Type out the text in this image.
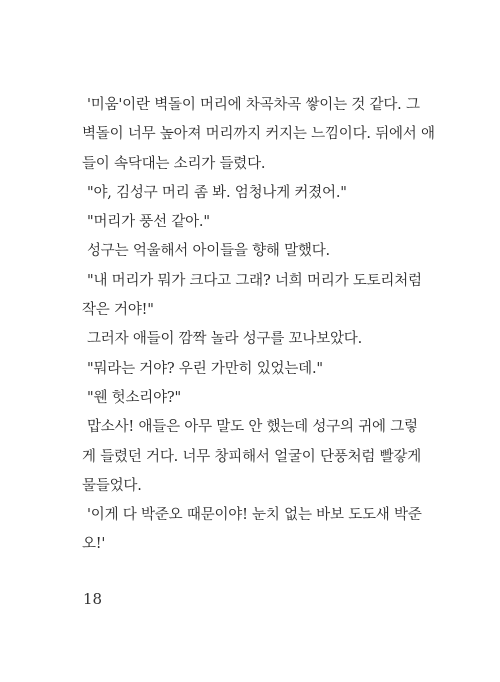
'미움'이란 벽돌이 머리에 차곡차곡 쌓이는 것 같다. 그
벽돌이 너무 높아져 머리까지 커지는 느낌이다. 뒤에서 애
들이 속닥대는 소리가 들렸다.
"야, 김성구 머리 좀 봐. 엄청나게 커졌어."
"머리가 풍선 같아."
성구는 억울해서 아이들을 향해 말했다.
"내 머리가 뭐가 크다고 그래? 너희 머리가 도토리처럼
작은 거야!"
그러자 애들이 깜짝 놀라 성구를 꼬나보았다.
"뭐라는 거야? 우린 가만히 있었는데."
"웬 헛소리야?"
맙소사! 애들은 아무 말도 안 했는데 성구의 귀에 그렇
게 들렸던 거다. 너무 창피해서 얼굴이 단풍처럼 빨갛게
물들었다.
'이게 다 박준오 때문이야! 눈치 없는 바보 도도새 박준
오!'
18
